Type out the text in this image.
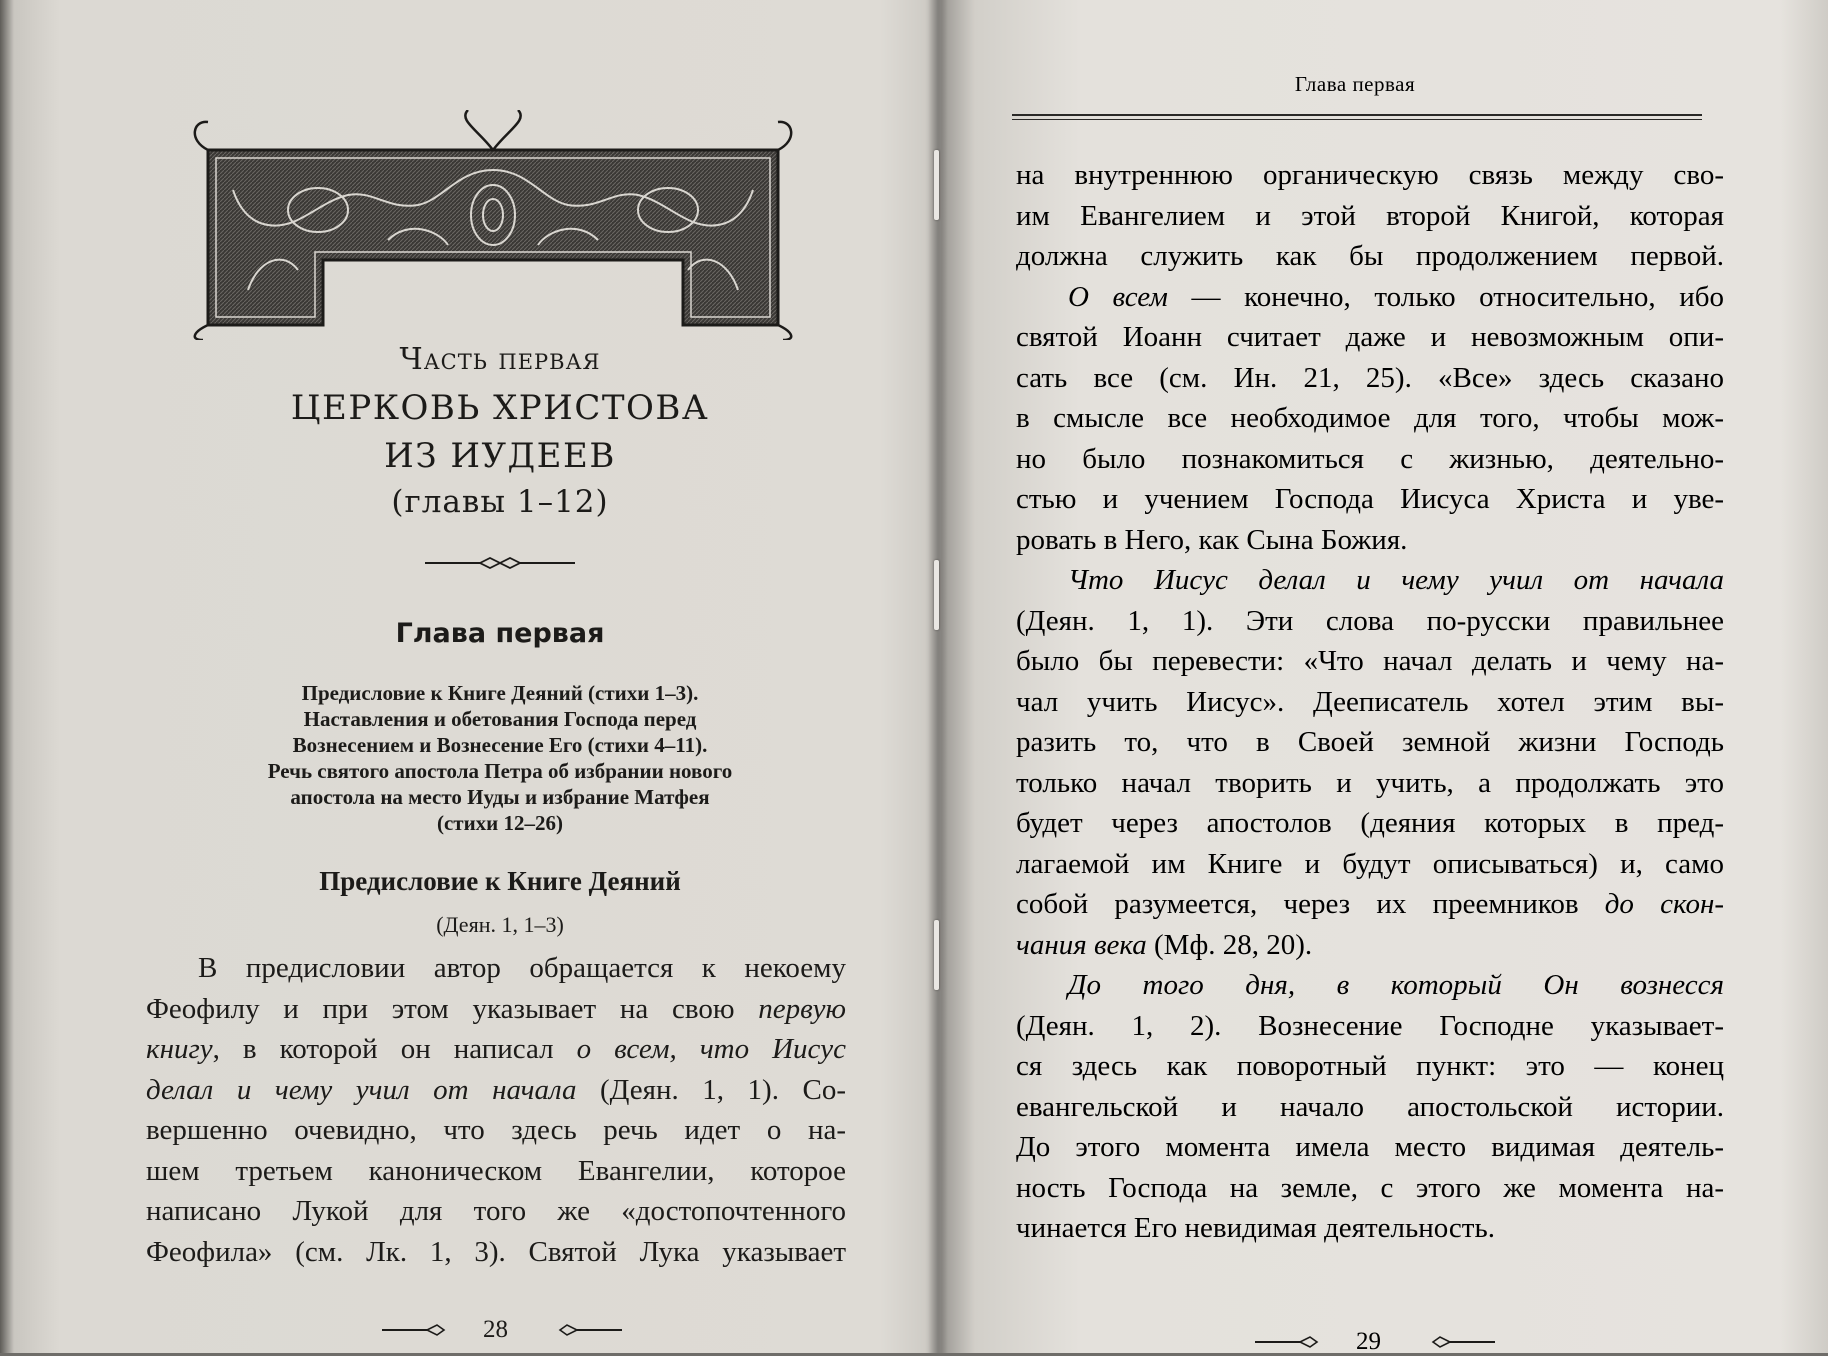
Часть первая
ЦЕРКОВЬ ХРИСТОВА
ИЗ ИУДЕЕВ
(главы 1–12)
Глава первая
Предисловие к Книге Деяний (стихи 1–3).
Наставления и обетования Господа перед
Вознесением и Вознесение Его (стихи 4–11).
Речь святого апостола Петра об избрании нового
апостола на место Иуды и избрание Матфея
(стихи 12–26)
Предисловие к Книге Деяний
(Деян. 1, 1–3)
В предисловии автор обращается к некоему
Феофилу и при этом указывает на свою первую
книгу, в которой он написал о всем, что Иисус
делал и чему учил от начала (Деян. 1, 1). Со-
вершенно очевидно, что здесь речь идет о на-
шем третьем каноническом Евангелии, которое
написано Лукой для того же «достопочтенного
Феофила» (см. Лк. 1, 3). Святой Лука указывает
28
Глава первая
на внутреннюю органическую связь между сво-
им Евангелием и этой второй Книгой, которая
должна служить как бы продолжением первой.
О всем — конечно, только относительно, ибо
святой Иоанн считает даже и невозможным опи-
сать все (см. Ин. 21, 25). «Все» здесь сказано
в смысле все необходимое для того, чтобы мож-
но было познакомиться с жизнью, деятельно-
стью и учением Господа Иисуса Христа и уве-
ровать в Него, как Сына Божия.
Что Иисус делал и чему учил от начала
(Деян. 1, 1). Эти слова по-русски правильнее
было бы перевести: «Что начал делать и чему на-
чал учить Иисус». Дееписатель хотел этим вы-
разить то, что в Своей земной жизни Господь
только начал творить и учить, а продолжать это
будет через апостолов (деяния которых в пред-
лагаемой им Книге и будут описываться) и, само
собой разумеется, через их преемников до скон-
чания века (Мф. 28, 20).
До того дня, в который Он вознесся
(Деян. 1, 2). Вознесение Господне указывает-
ся здесь как поворотный пункт: это — конец
евангельской и начало апостольской истории.
До этого момента имела место видимая деятель-
ность Господа на земле, с этого же момента на-
чинается Его невидимая деятельность.
29
